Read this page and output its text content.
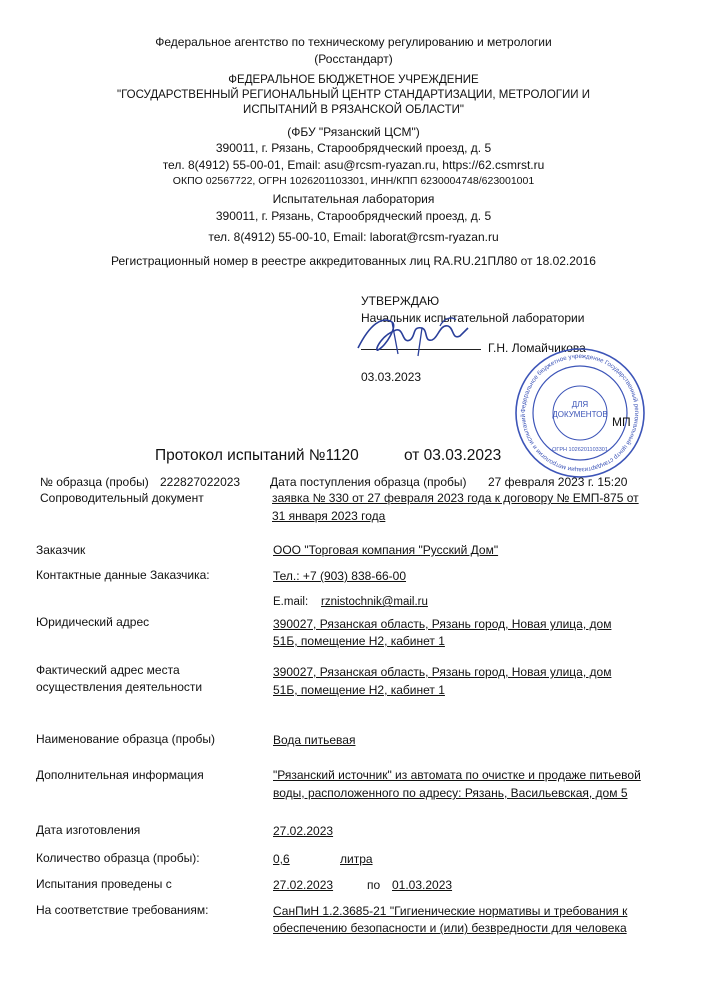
Федеральное агентство по техническому регулированию и метрологии
(Росстандарт)
ФЕДЕРАЛЬНОЕ БЮДЖЕТНОЕ УЧРЕЖДЕНИЕ
"ГОСУДАРСТВЕННЫЙ РЕГИОНАЛЬНЫЙ ЦЕНТР СТАНДАРТИЗАЦИИ, МЕТРОЛОГИИ И
ИСПЫТАНИЙ В РЯЗАНСКОЙ ОБЛАСТИ"
(ФБУ "Рязанский ЦСМ")
390011, г. Рязань, Старообрядческий проезд, д. 5
тел. 8(4912) 55-00-01, Email: asu@rcsm-ryazan.ru, https://62.csmrst.ru
ОКПО 02567722, ОГРН 1026201103301, ИНН/КПП 6230004748/623001001
Испытательная лаборатория
390011, г. Рязань, Старообрядческий проезд, д. 5
тел. 8(4912) 55-00-10, Email: laborat@rcsm-ryazan.ru
Регистрационный номер в реестре аккредитованных лиц RA.RU.21ПЛ80 от 18.02.2016
УТВЕРЖДАЮ
Начальник испытательной лаборатории
Г.Н. Ломайчикова
03.03.2023
Федеральное бюджетное учреждение Государственный региональный центр стандартизации метрологии и испытаний
ДЛЯ
ДОКУМЕНТОВ
ОГРН 1026201103301
МП
Протокол испытаний №1120	от 03.03.2023
№ образца (пробы) 222827022023 Дата поступления образца (пробы) 27 февраля 2023 г. 15:20
Сопроводительный документ	заявка № 330 от 27 февраля 2023 года к договору № ЕМП-875 от
31 января 2023 года
Заказчик	ООО "Торговая компания "Русский Дом"
Контактные данные Заказчика:	Тел.: +7 (903) 838-66-00
E.mail: rznistochnik@mail.ru
Юридический адрес	390027, Рязанская область, Рязань город, Новая улица, дом
51Б, помещение Н2, кабинет 1
Фактический адрес места
осуществления деятельности
390027, Рязанская область, Рязань город, Новая улица, дом
51Б, помещение Н2, кабинет 1
Наименование образца (пробы)	Вода питьевая
Дополнительная информация	"Рязанский источник" из автомата по очистке и продаже питьевой
воды, расположенного по адресу: Рязань, Васильевская, дом 5
Дата изготовления	27.02.2023
Количество образца (пробы):	0,6	литра
Испытания проведены с	27.02.2023	по 01.03.2023
На соответствие требованиям:	СанПиН 1.2.3685-21 "Гигиенические нормативы и требования к
обеспечению безопасности и (или) безвредности для человека
